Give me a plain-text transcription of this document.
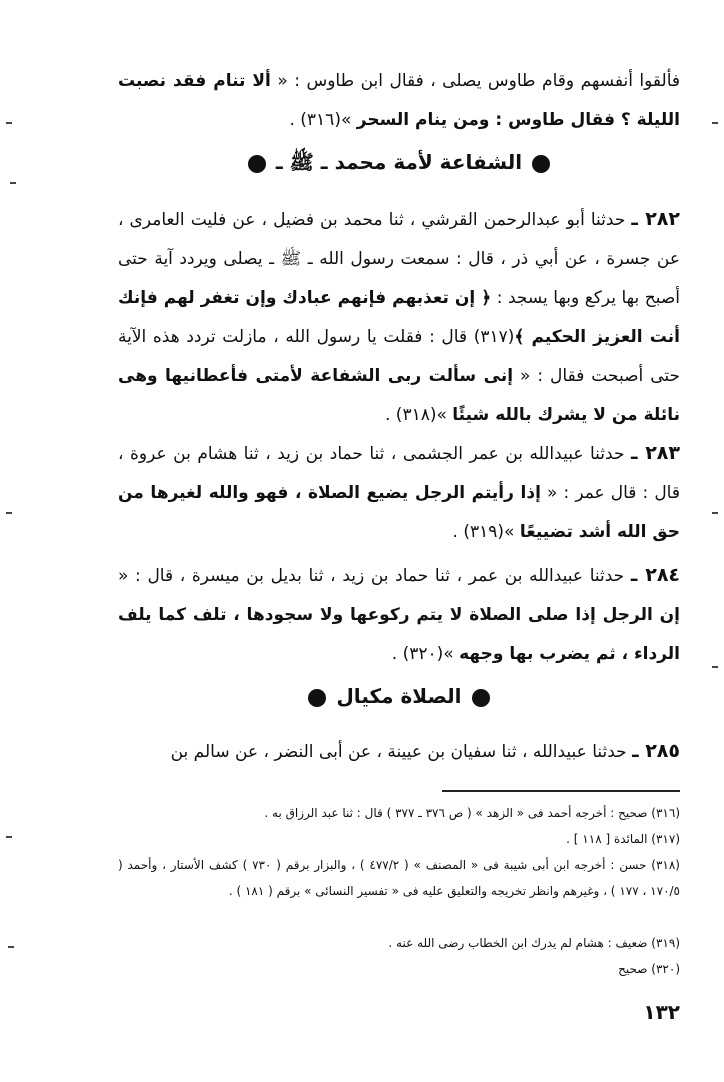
فألقوا أنفسهم وقام طاوس يصلى ، فقال ابن طاوس : « ألا تنام فقد نصبت الليلة ؟ فقال طاوس : ومن ينام السحر »(٣١٦) .

الشفاعة لأمة محمد ـ ﷺ ـ

٢٨٢ ـ حدثنا أبو عبدالرحمن القرشي ، ثنا محمد بن فضيل ، عن فليت العامرى ، عن جسرة ، عن أبي ذر ، قال : سمعت رسول الله ـ ﷺ ـ يصلى ويردد آية حتى أصبح بها يركع وبها يسجد : ﴿ إن تعذبهم فإنهم عبادك وإن تغفر لهم فإنك أنت العزيز الحكيم ﴾(٣١٧) قال : فقلت يا رسول الله ، مازلت تردد هذه الآية حتى أصبحت فقال : « إنى سألت ربى الشفاعة لأمتى فأعطانيها وهى نائلة من لا يشرك بالله شيئًا »(٣١٨) .

٢٨٣ ـ حدثنا عبيدالله بن عمر الجشمى ، ثنا حماد بن زيد ، ثنا هشام بن عروة ، قال : قال عمر : « إذا رأيتم الرجل يضيع الصلاة ، فهو والله لغيرها من حق الله أشد تضييعًا »(٣١٩) .

٢٨٤ ـ حدثنا عبيدالله بن عمر ، ثنا حماد بن زيد ، ثنا بديل بن ميسرة ، قال : « إن الرجل إذا صلى الصلاة لا يتم ركوعها ولا سجودها ، تلف كما يلف الرداء ، ثم يضرب بها وجهه »(٣٢٠) .

الصلاة مكيال

٢٨٥ ـ حدثنا عبيدالله ، ثنا سفيان بن عيينة ، عن أبى النضر ، عن سالم بن

(٣١٦) صحيح : أخرجه أحمد فى « الزهد » ( ص ٣٧٦ ـ ٣٧٧ ) قال : ثنا عبد الرزاق به .

(٣١٧) المائدة [ ١١٨ ] .

(٣١٨) حسن : أخرجه ابن أبى شيبة فى « المصنف » ( ٤٧٧/٢ ) ، والبزار برقم ( ٧٣٠ ) كشف الأستار ، وأحمد ( ١٧٠/٥ ، ١٧٧ ) ، وغيرهم وانظر تخريجه والتعليق عليه فى « تفسير النسائى » برقم ( ١٨١ ) .

(٣١٩) ضعيف : هشام لم يدرك ابن الخطاب رضى الله عنه .

(٣٢٠) صحيح

١٣٢
